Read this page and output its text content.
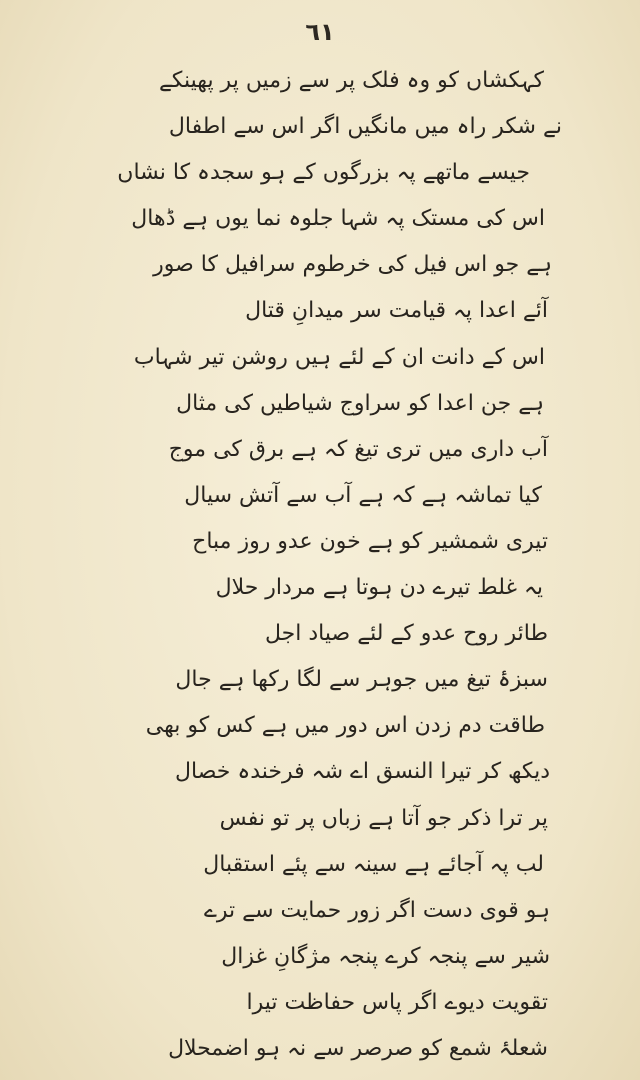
٦١
کہکشاں کو وہ فلک پر سے زمیں پر پھینکے
نے شکر راہ میں مانگیں اگر اس سے اطفال
جیسے ماتھے پہ بزرگوں کے ہو سجدہ کا نشاں
اس کی مستک پہ شہا جلوہ نما یوں ہے ڈھال
ہے جو اس فیل کی خرطوم سرافیل کا صور
آئے اعدا پہ قیامت سر میدانِ قتال
اس کے دانت ان کے لئے ہیں روشن تیر شہاب
ہے جن اعدا کو سراوج شیاطیں کی مثال
آب داری میں تری تیغ کہ ہے برق کی موج
کیا تماشہ ہے کہ ہے آب سے آتش سیال
تیری شمشیر کو ہے خون عدو روز مباح
یہ غلط تیرے دن ہوتا ہے مردار حلال
طائر روح عدو کے لئے صیاد اجل
سبزۂ تیغ میں جوہر سے لگا رکھا ہے جال
طاقت دم زدن اس دور میں ہے کس کو بھی
دیکھ کر تیرا النسق اے شہ فرخندہ خصال
پر ترا ذکر جو آتا ہے زباں پر تو نفس
لب پہ آجائے ہے سینہ سے پئے استقبال
ہو قوی دست اگر زور حمایت سے ترے
شیر سے پنجہ کرے پنجہ مژگانِ غزال
تقویت دیوے اگر پاس حفاظت تیرا
شعلۂ شمع کو صرصر سے نہ ہو اضمحلال
